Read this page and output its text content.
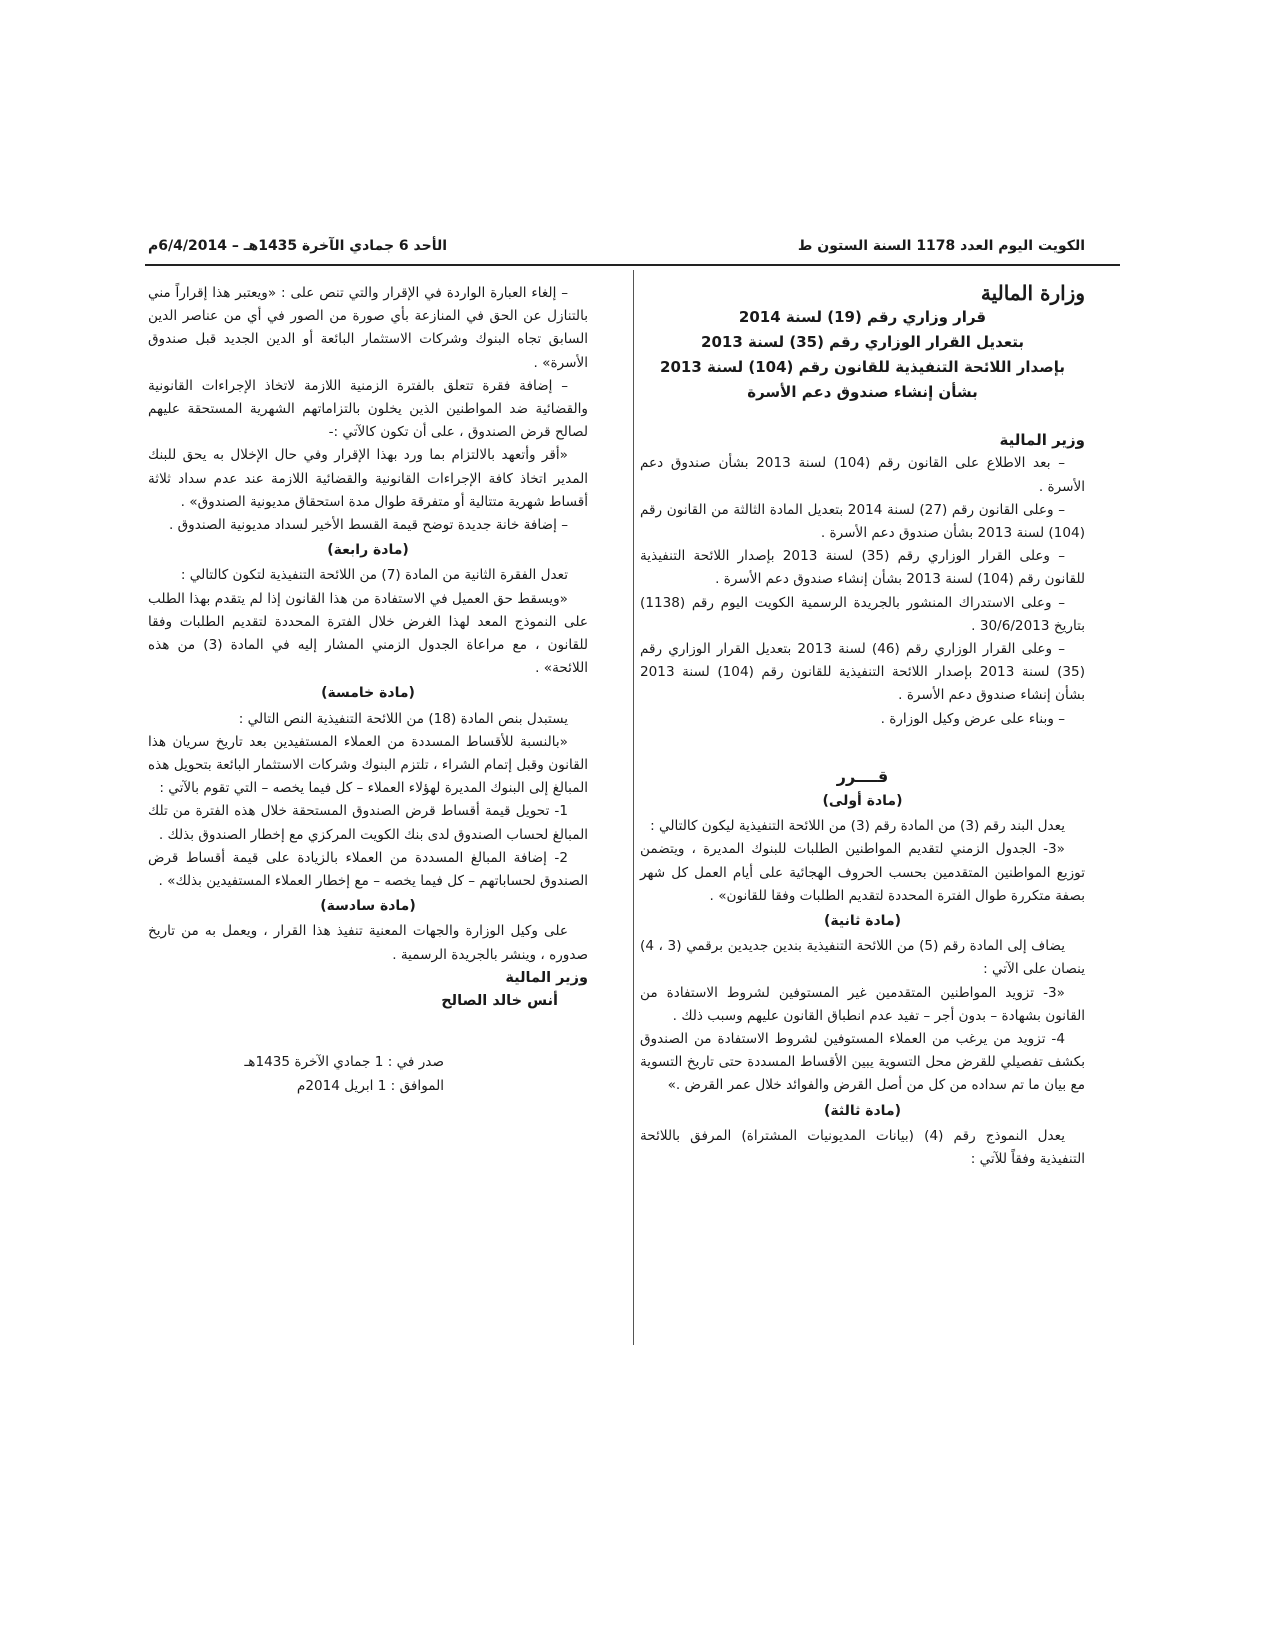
الكويت اليوم العدد 1178 السنة الستون ط
الأحد 6 جمادي الآخرة 1435هـ – 6/4/2014م

وزارة المالية

قرار وزاري رقم (19) لسنة 2014
بتعديل القرار الوزاري رقم (35) لسنة 2013
بإصدار اللائحة التنفيذية للقانون رقم (104) لسنة 2013
بشأن إنشاء صندوق دعم الأسرة

وزير المالية

– بعد الاطلاع على القانون رقم (104) لسنة 2013 بشأن صندوق دعم الأسرة .

– وعلى القانون رقم (27) لسنة 2014 بتعديل المادة الثالثة من القانون رقم (104) لسنة 2013 بشأن صندوق دعم الأسرة .

– وعلى القرار الوزاري رقم (35) لسنة 2013 بإصدار اللائحة التنفيذية للقانون رقم (104) لسنة 2013 بشأن إنشاء صندوق دعم الأسرة .

– وعلى الاستدراك المنشور بالجريدة الرسمية الكويت اليوم رقم (1138) بتاريخ 30/6/2013 .

– وعلى القرار الوزاري رقم (46) لسنة 2013 بتعديل القرار الوزاري رقم (35) لسنة 2013 بإصدار اللائحة التنفيذية للقانون رقم (104) لسنة 2013 بشأن إنشاء صندوق دعم الأسرة .

– وبناء على عرض وكيل الوزارة .

قــــرر
(مادة أولى)

يعدل البند رقم (3) من المادة رقم (3) من اللائحة التنفيذية ليكون كالتالي :

«3- الجدول الزمني لتقديم المواطنين الطلبات للبنوك المديرة ، ويتضمن توزيع المواطنين المتقدمين بحسب الحروف الهجائية على أيام العمل كل شهر بصفة متكررة طوال الفترة المحددة لتقديم الطلبات وفقا للقانون» .

(مادة ثانية)

يضاف إلى المادة رقم (5) من اللائحة التنفيذية بندين جديدين برقمي (3 ، 4) ينصان على الآتي :

«3- تزويد المواطنين المتقدمين غير المستوفين لشروط الاستفادة من القانون بشهادة – بدون أجر – تفيد عدم انطباق القانون عليهم وسبب ذلك .

4- تزويد من يرغب من العملاء المستوفين لشروط الاستفادة من الصندوق بكشف تفصيلي للقرض محل التسوية يبين الأقساط المسددة حتى تاريخ التسوية مع بيان ما تم سداده من كل من أصل القرض والفوائد خلال عمر القرض .»

(مادة ثالثة)

يعدل النموذج رقم (4) (بيانات المديونيات المشتراة) المرفق باللائحة التنفيذية وفقاً للآتي :

– إلغاء العبارة الواردة في الإقرار والتي تنص على : «ويعتبر هذا إقراراً مني بالتنازل عن الحق في المنازعة بأي صورة من الصور في أي من عناصر الدين السابق تجاه البنوك وشركات الاستثمار البائعة أو الدين الجديد قبل صندوق الأسرة» .

– إضافة فقرة تتعلق بالفترة الزمنية اللازمة لاتخاذ الإجراءات القانونية والقضائية ضد المواطنين الذين يخلون بالتزاماتهم الشهرية المستحقة عليهم لصالح قرض الصندوق ، على أن تكون كالآتي :-

«أقر وأتعهد بالالتزام بما ورد بهذا الإقرار وفي حال الإخلال به يحق للبنك المدير اتخاذ كافة الإجراءات القانونية والقضائية اللازمة عند عدم سداد ثلاثة أقساط شهرية متتالية أو متفرقة طوال مدة استحقاق مديونية الصندوق» .

– إضافة خانة جديدة توضح قيمة القسط الأخير لسداد مديونية الصندوق .

(مادة رابعة)

تعدل الفقرة الثانية من المادة (7) من اللائحة التنفيذية لتكون كالتالي :

«ويسقط حق العميل في الاستفادة من هذا القانون إذا لم يتقدم بهذا الطلب على النموذج المعد لهذا الغرض خلال الفترة المحددة لتقديم الطلبات وفقا للقانون ، مع مراعاة الجدول الزمني المشار إليه في المادة (3) من هذه اللائحة» .

(مادة خامسة)

يستبدل بنص المادة (18) من اللائحة التنفيذية النص التالي :

«بالنسبة للأقساط المسددة من العملاء المستفيدين بعد تاريخ سريان هذا القانون وقبل إتمام الشراء ، تلتزم البنوك وشركات الاستثمار البائعة بتحويل هذه المبالغ إلى البنوك المديرة لهؤلاء العملاء – كل فيما يخصه – التي تقوم بالآتي :

1- تحويل قيمة أقساط قرض الصندوق المستحقة خلال هذه الفترة من تلك المبالغ لحساب الصندوق لدى بنك الكويت المركزي مع إخطار الصندوق بذلك .

2- إضافة المبالغ المسددة من العملاء بالزيادة على قيمة أقساط قرض الصندوق لحساباتهم – كل فيما يخصه – مع إخطار العملاء المستفيدين بذلك» .

(مادة سادسة)

على وكيل الوزارة والجهات المعنية تنفيذ هذا القرار ، ويعمل به من تاريخ صدوره ، وينشر بالجريدة الرسمية .

وزير المالية

أنس خالد الصالح

صدر في : 1 جمادي الآخرة 1435هـ

الموافق : 1 ابريل 2014م
